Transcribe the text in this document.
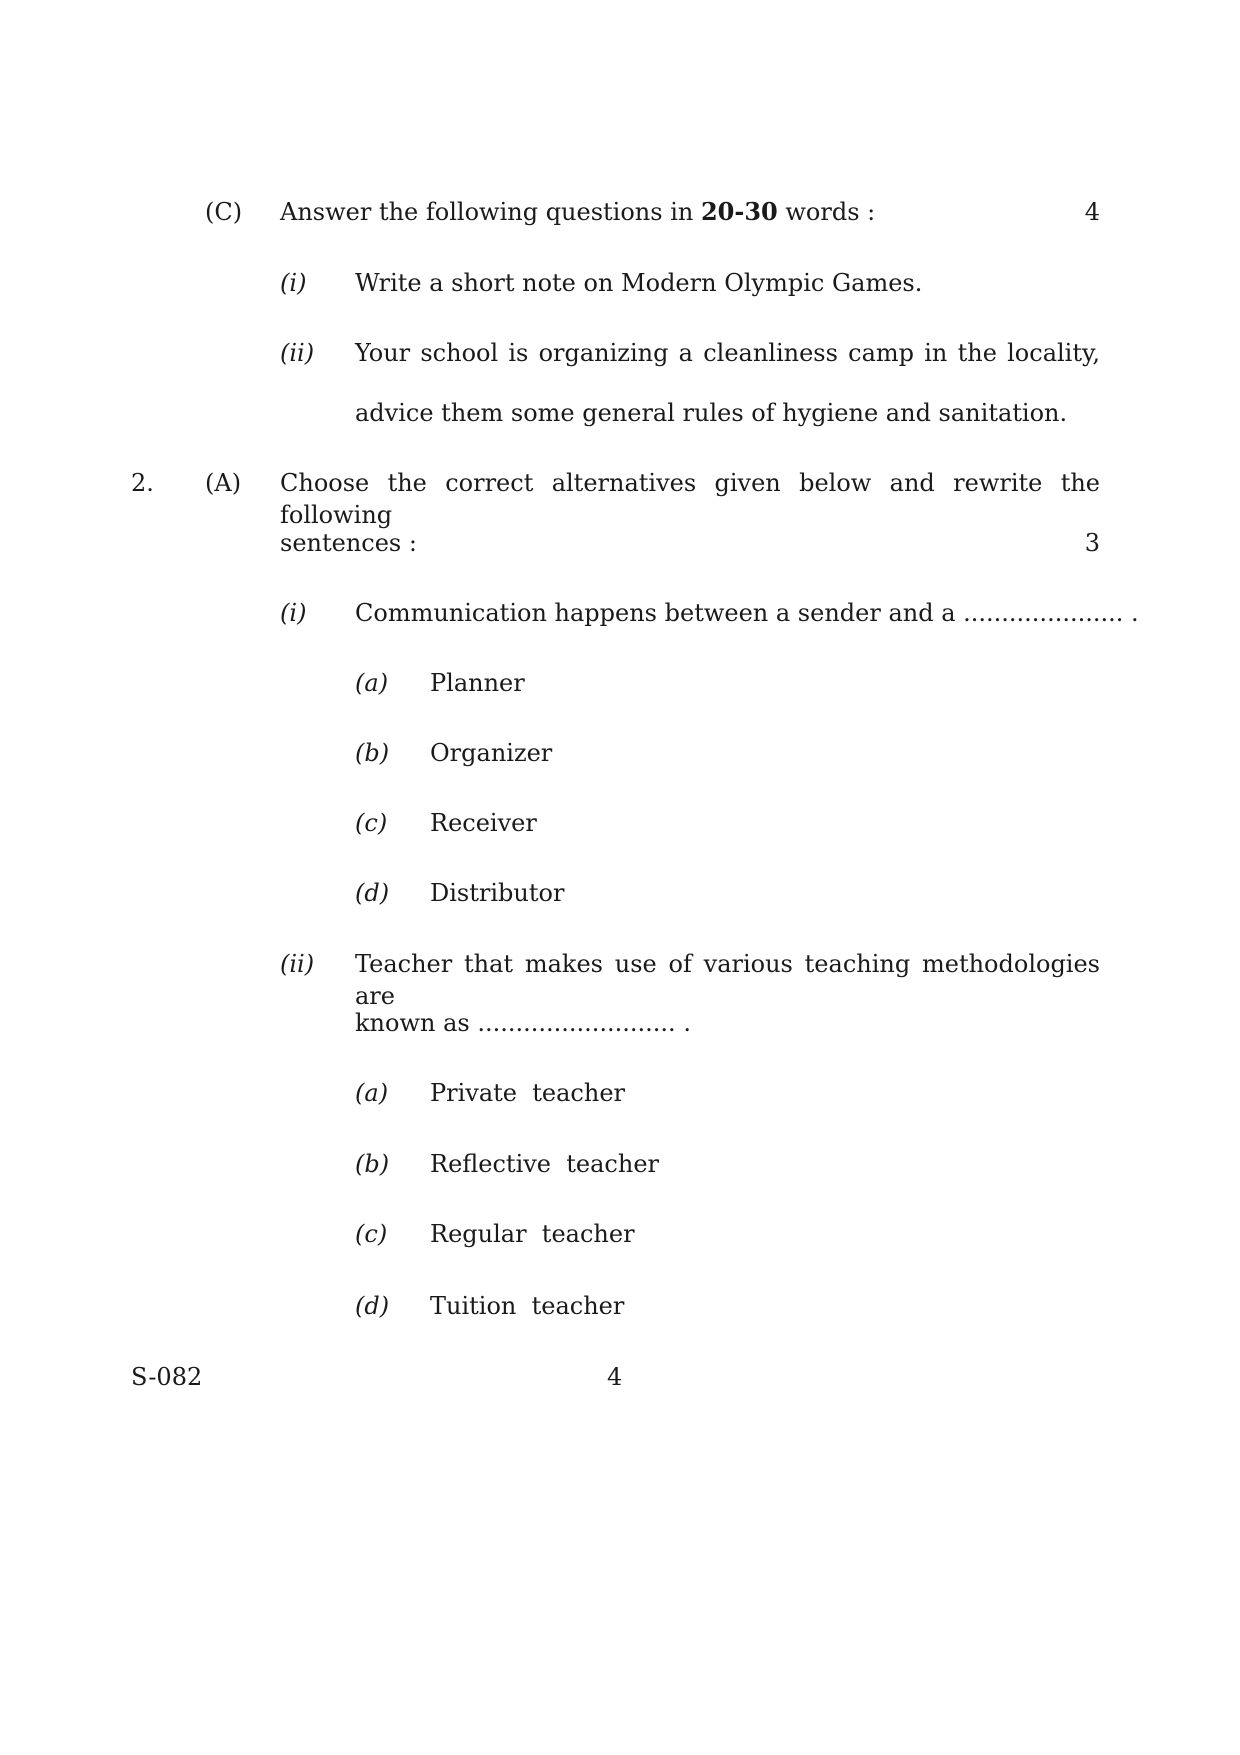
(C) Answer the following questions in 20-30 words :	4
(i) Write a short note on Modern Olympic Games.
(ii) Your school is organizing a cleanliness camp in the locality,
advice them some general rules of hygiene and sanitation.
2. (A) Choose the correct alternatives given below and rewrite the following
sentences :	3
(i) Communication happens between a sender and a ..................... .
(a) Planner
(b) Organizer
(c) Receiver
(d) Distributor
(ii) Teacher that makes use of various teaching methodologies are
known as .......................... .
(a) Private  teacher
(b) Reflective  teacher
(c) Regular  teacher
(d) Tuition  teacher
S-082	4
